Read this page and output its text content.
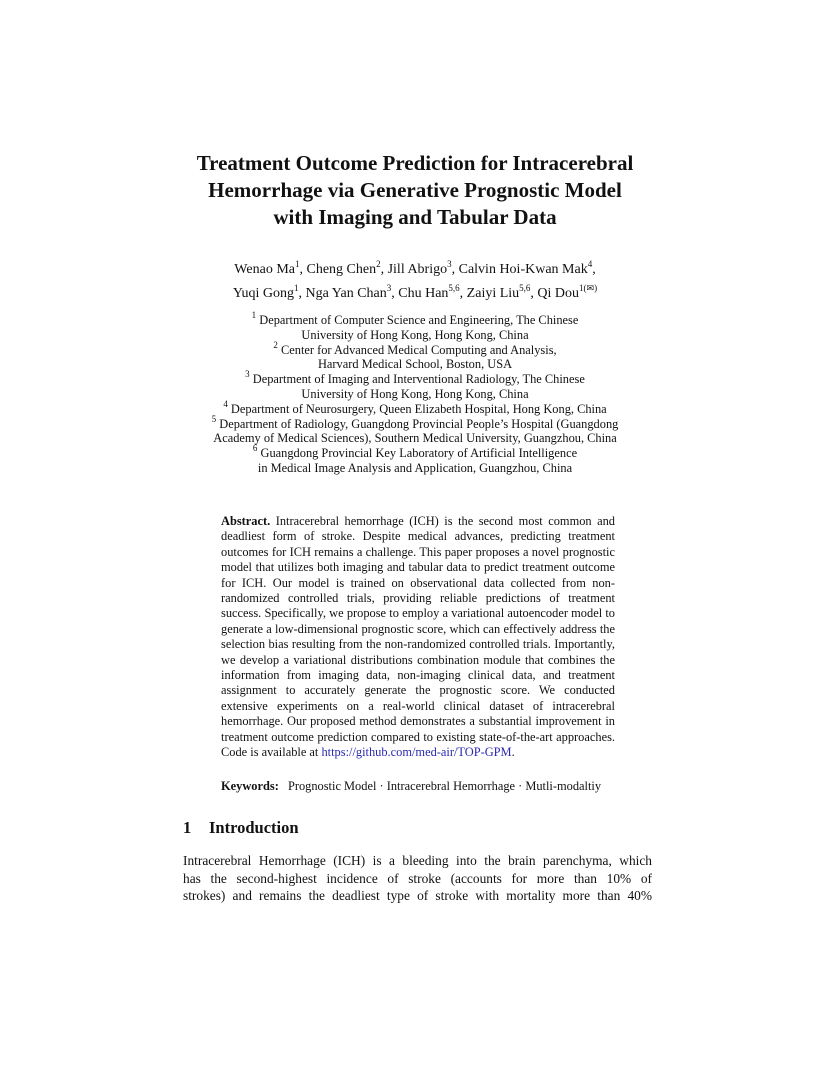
Treatment Outcome Prediction for Intracerebral
Hemorrhage via Generative Prognostic Model
with Imaging and Tabular Data
Wenao Ma$^1$, Cheng Chen$^2$, Jill Abrigo$^3$, Calvin Hoi-Kwan Mak$^4$,
Yuqi Gong$^1$, Nga Yan Chan$^3$, Chu Han$^{5,6}$, Zaiyi Liu$^{5,6}$, Qi Dou$^{1(✉)}$
$^1$ Department of Computer Science and Engineering, The Chinese
University of Hong Kong, Hong Kong, China
$^2$ Center for Advanced Medical Computing and Analysis,
Harvard Medical School, Boston, USA
$^3$ Department of Imaging and Interventional Radiology, The Chinese
University of Hong Kong, Hong Kong, China
$^4$ Department of Neurosurgery, Queen Elizabeth Hospital, Hong Kong, China
$^5$ Department of Radiology, Guangdong Provincial People’s Hospital (Guangdong
Academy of Medical Sciences), Southern Medical University, Guangzhou, China
$^6$ Guangdong Provincial Key Laboratory of Artificial Intelligence
in Medical Image Analysis and Application, Guangzhou, China
Abstract. Intracerebral hemorrhage (ICH) is the second most common and deadliest form of stroke. Despite medical advances, predicting treatment outcomes for ICH remains a challenge. This paper proposes a novel prognostic model that utilizes both imaging and tabular data to predict treatment outcome for ICH. Our model is trained on observational data collected from non-randomized controlled trials, providing reliable predictions of treatment success. Specifically, we propose to employ a variational autoencoder model to generate a low-dimensional prognostic score, which can effectively address the selection bias resulting from the non-randomized controlled trials. Importantly, we develop a variational distributions combination module that combines the information from imaging data, non-imaging clinical data, and treatment assignment to accurately generate the prognostic score. We conducted extensive experiments on a real-world clinical dataset of intracerebral hemorrhage. Our proposed method demonstrates a substantial improvement in treatment outcome prediction compared to existing state-of-the-art approaches. Code is available at https://github.com/med-air/TOP-GPM.
Keywords: Prognostic Model · Intracerebral Hemorrhage · Mutli-modaltiy
1 Introduction
Intracerebral Hemorrhage (ICH) is a bleeding into the brain parenchyma, which
has the second-highest incidence of stroke (accounts for more than 10% of
strokes) and remains the deadliest type of stroke with mortality more than 40%
